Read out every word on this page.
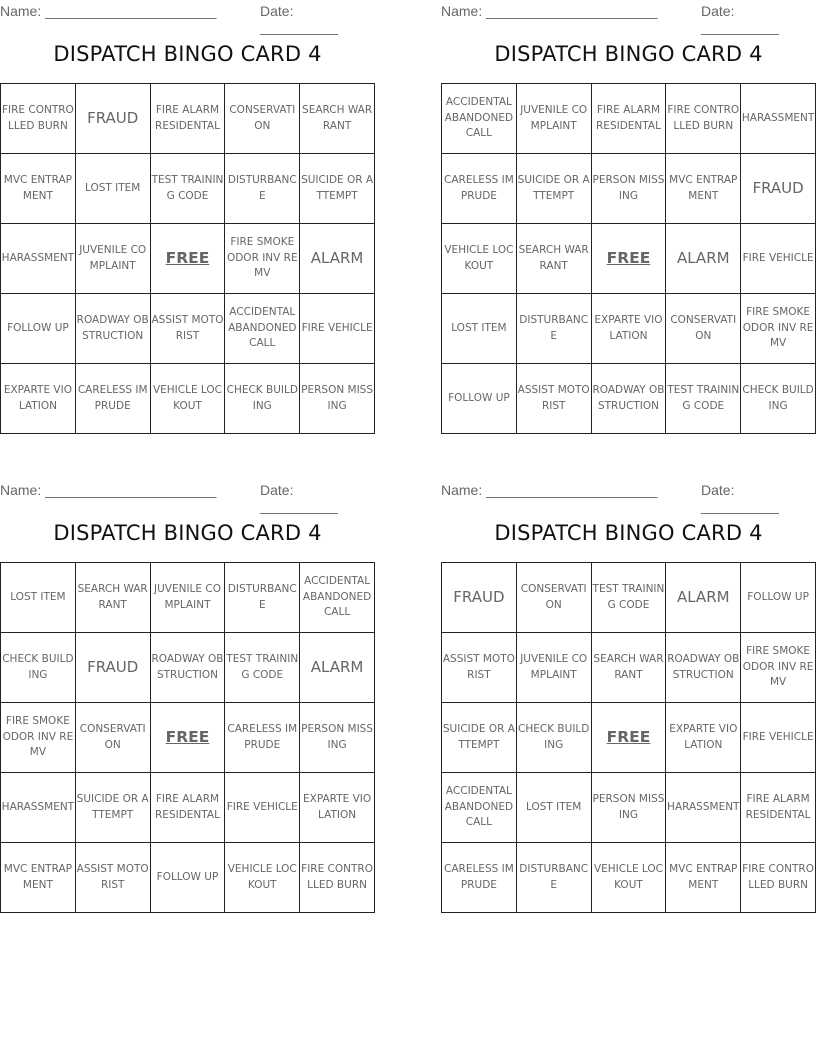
Name: ______________________	Date: __________
DISPATCH BINGO CARD 4
FIRE CONTROLLED BURN	FRAUD	FIRE ALARM RESIDENTAL	CONSERVATION	SEARCH WARRANT
MVC ENTRAPMENT	LOST ITEM	TEST TRAINING CODE	DISTURBANCE	SUICIDE OR ATTEMPT
HARASSMENT	JUVENILE COMPLAINT	FREE	FIRE SMOKE ODOR INV REMV	ALARM
FOLLOW UP	ROADWAY OBSTRUCTION	ASSIST MOTORIST	ACCIDENTAL ABANDONED CALL	FIRE VEHICLE
EXPARTE VIOLATION	CARELESS IMPRUDE	VEHICLE LOCKOUT	CHECK BUILDING	PERSON MISSING
Name: ______________________	Date: __________
DISPATCH BINGO CARD 4
ACCIDENTAL ABANDONED CALL	JUVENILE COMPLAINT	FIRE ALARM RESIDENTAL	FIRE CONTROLLED BURN	HARASSMENT
CARELESS IMPRUDE	SUICIDE OR ATTEMPT	PERSON MISSING	MVC ENTRAPMENT	FRAUD
VEHICLE LOCKOUT	SEARCH WARRANT	FREE	ALARM	FIRE VEHICLE
LOST ITEM	DISTURBANCE	EXPARTE VIOLATION	CONSERVATION	FIRE SMOKE ODOR INV REMV
FOLLOW UP	ASSIST MOTORIST	ROADWAY OBSTRUCTION	TEST TRAINING CODE	CHECK BUILDING
Name: ______________________	Date: __________
DISPATCH BINGO CARD 4
LOST ITEM	SEARCH WARRANT	JUVENILE COMPLAINT	DISTURBANCE	ACCIDENTAL ABANDONED CALL
CHECK BUILDING	FRAUD	ROADWAY OBSTRUCTION	TEST TRAINING CODE	ALARM
FIRE SMOKE ODOR INV REMV	CONSERVATION	FREE	CARELESS IMPRUDE	PERSON MISSING
HARASSMENT	SUICIDE OR ATTEMPT	FIRE ALARM RESIDENTAL	FIRE VEHICLE	EXPARTE VIOLATION
MVC ENTRAPMENT	ASSIST MOTORIST	FOLLOW UP	VEHICLE LOCKOUT	FIRE CONTROLLED BURN
Name: ______________________	Date: __________
DISPATCH BINGO CARD 4
FRAUD	CONSERVATION	TEST TRAINING CODE	ALARM	FOLLOW UP
ASSIST MOTORIST	JUVENILE COMPLAINT	SEARCH WARRANT	ROADWAY OBSTRUCTION	FIRE SMOKE ODOR INV REMV
SUICIDE OR ATTEMPT	CHECK BUILDING	FREE	EXPARTE VIOLATION	FIRE VEHICLE
ACCIDENTAL ABANDONED CALL	LOST ITEM	PERSON MISSING	HARASSMENT	FIRE ALARM RESIDENTAL
CARELESS IMPRUDE	DISTURBANCE	VEHICLE LOCKOUT	MVC ENTRAPMENT	FIRE CONTROLLED BURN
